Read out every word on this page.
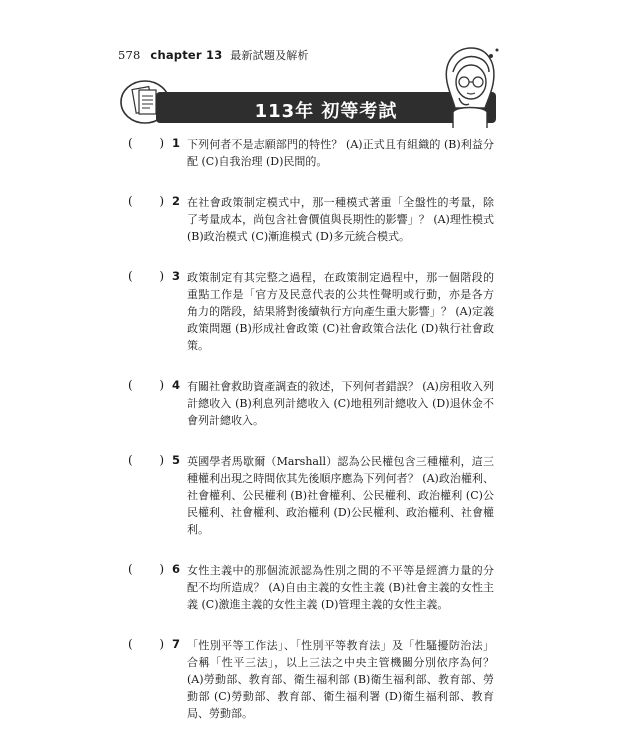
578 chapter 13 最新試題及解析
113年 初等考試
( ) 1 下列何者不是志願部門的特性？ (A)正式且有組織的 (B)利益分配 (C)自我治理 (D)民間的。
( ) 2 在社會政策制定模式中，那一種模式著重「全盤性的考量，除了考量成本，尚包含社會價值與長期性的影響」？ (A)理性模式 (B)政治模式 (C)漸進模式 (D)多元統合模式。
( ) 3 政策制定有其完整之過程，在政策制定過程中，那一個階段的重點工作是「官方及民意代表的公共性聲明或行動，亦是各方角力的階段，結果將對後續執行方向產生重大影響」？ (A)定義政策問題 (B)形成社會政策 (C)社會政策合法化 (D)執行社會政策。
( ) 4 有關社會救助資產調查的敘述，下列何者錯誤？ (A)房租收入列計總收入 (B)利息列計總收入 (C)地租列計總收入 (D)退休金不會列計總收入。
( ) 5 英國學者馬歇爾（Marshall）認為公民權包含三種權利，這三種權利出現之時間依其先後順序應為下列何者？ (A)政治權利、社會權利、公民權利 (B)社會權利、公民權利、政治權利 (C)公民權利、社會權利、政治權利 (D)公民權利、政治權利、社會權利。
( ) 6 女性主義中的那個流派認為性別之間的不平等是經濟力量的分配不均所造成？ (A)自由主義的女性主義 (B)社會主義的女性主義 (C)激進主義的女性主義 (D)管理主義的女性主義。
( ) 7 「性別平等工作法」、「性別平等教育法」及「性騷擾防治法」合稱「性平三法」，以上三法之中央主管機關分別依序為何？ (A)勞動部、教育部、衛生福利部 (B)衛生福利部、教育部、勞動部 (C)勞動部、教育部、衛生福利署 (D)衛生福利部、教育局、勞動部。
